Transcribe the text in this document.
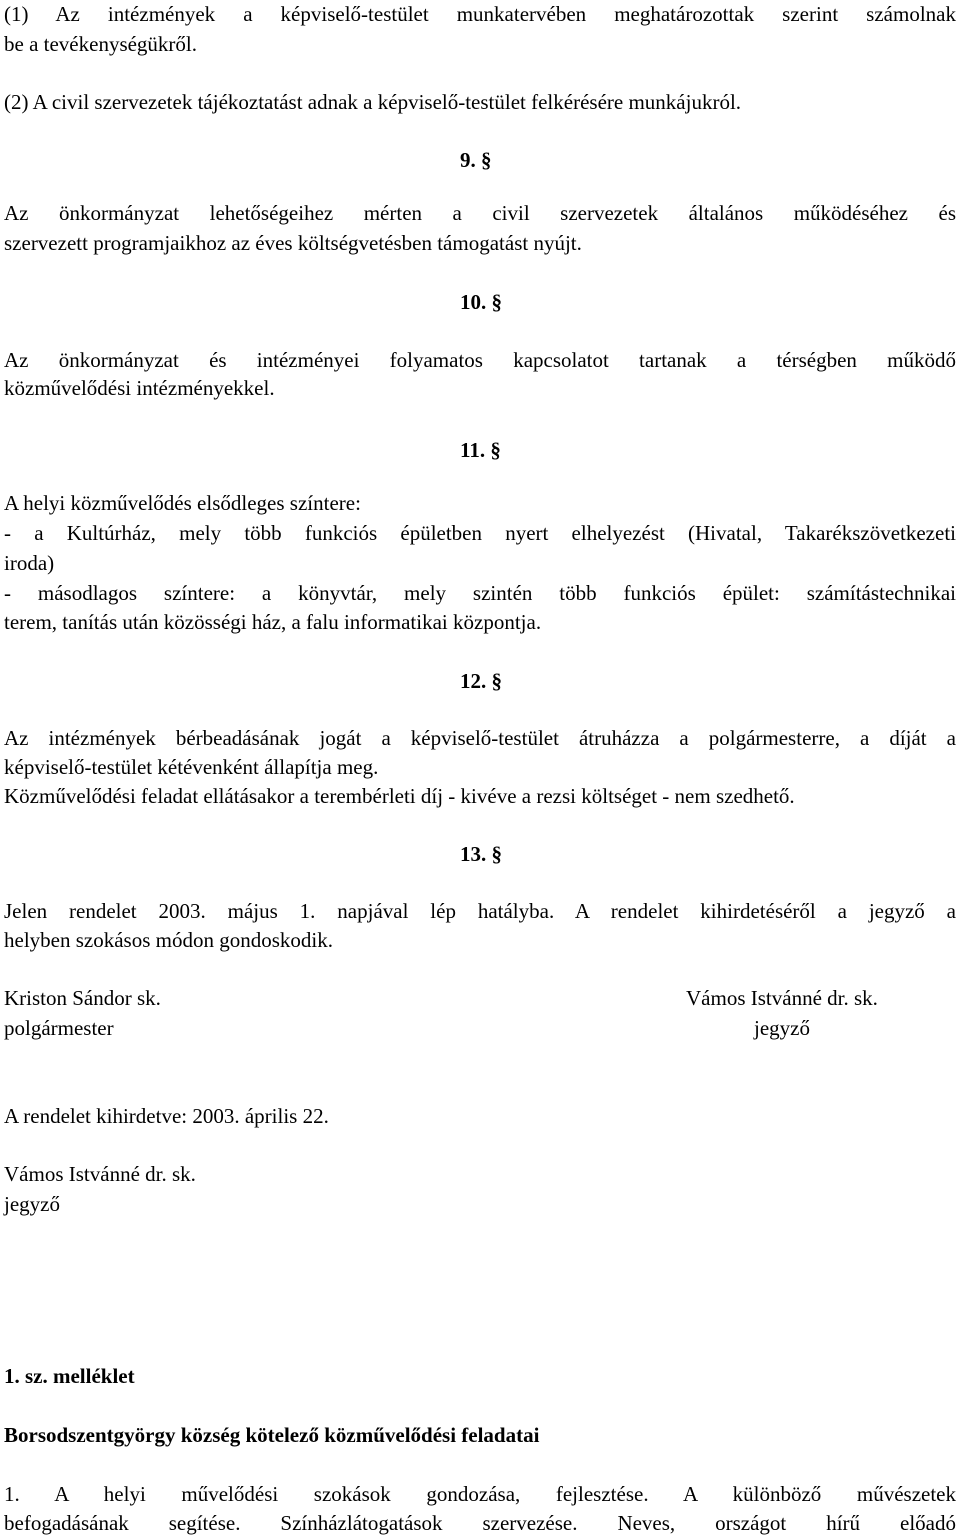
(1) Az intézmények a képviselő-testület munkatervében meghatározottak szerint számolnak
be a tevékenységükről.
(2) A civil szervezetek tájékoztatást adnak a képviselő-testület felkérésére munkájukról.
9. §
Az önkormányzat lehetőségeihez mérten a civil szervezetek általános működéséhez és
szervezett programjaikhoz az éves költségvetésben támogatást nyújt.
10. §
Az önkormányzat és intézményei folyamatos kapcsolatot tartanak a térségben működő
közművelődési intézményekkel.
11. §
A helyi közművelődés elsődleges színtere:
- a Kultúrház, mely több funkciós épületben nyert elhelyezést (Hivatal, Takarékszövetkezeti
iroda)
- másodlagos színtere: a könyvtár, mely szintén több funkciós épület: számítástechnikai
terem, tanítás után közösségi ház, a falu informatikai központja.
12. §
Az intézmények bérbeadásának jogát a képviselő-testület átruházza a polgármesterre, a díját a
képviselő-testület kétévenként állapítja meg.
Közművelődési feladat ellátásakor a terembérleti díj - kivéve a rezsi költséget - nem szedhető.
13. §
Jelen rendelet 2003. május 1. napjával lép hatályba. A rendelet kihirdetéséről a jegyző a
helyben szokásos módon gondoskodik.
Kriston Sándor sk.
polgármester
Vámos Istvánné dr. sk.
jegyző
A rendelet kihirdetve: 2003. április 22.
Vámos Istvánné dr. sk.
jegyző
1. sz. melléklet
Borsodszentgyörgy község kötelező közművelődési feladatai
1. A helyi művelődési szokások gondozása, fejlesztése. A különböző művészetek
befogadásának segítése. Színházlátogatások szervezése. Neves, országot hírű előadó
